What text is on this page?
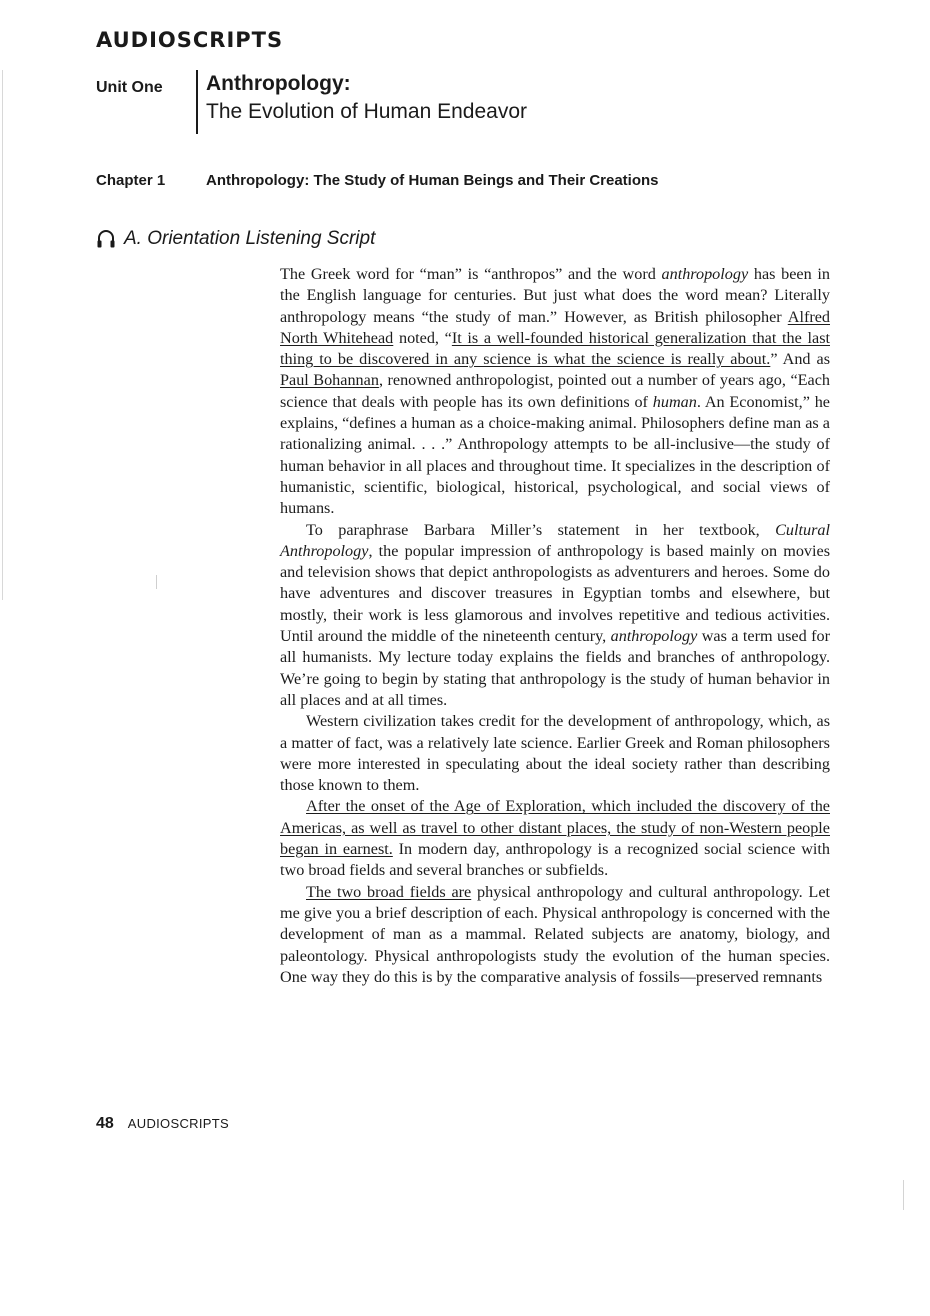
AUDIOSCRIPTS
Unit One Anthropology:
The Evolution of Human Endeavor
Chapter 1	Anthropology: The Study of Human Beings and Their Creations
A. Orientation Listening Script

The Greek word for “man” is “anthropos” and the word anthropology has been in the English language for centuries. But just what does the word mean? Literally anthropology means “the study of man.” However, as British philosopher Alfred North Whitehead noted, “It is a well-founded historical generalization that the last thing to be discovered in any science is what the science is really about.” And as Paul Bohannan, renowned anthropologist, pointed out a number of years ago, “Each science that deals with people has its own definitions of human. An Economist,” he explains, “defines a human as a choice-making animal. Philosophers define man as a rationalizing animal. . . .” Anthropology attempts to be all-inclusive—the study of human behavior in all places and throughout time. It specializes in the description of humanistic, scientific, biological, historical, psychological, and social views of humans.

To paraphrase Barbara Miller’s statement in her textbook, Cultural Anthropology, the popular impression of anthropology is based mainly on movies and television shows that depict anthropologists as adventurers and heroes. Some do have adventures and discover treasures in Egyptian tombs and elsewhere, but mostly, their work is less glamorous and involves repetitive and tedious activities. Until around the middle of the nineteenth century, anthropology was a term used for all humanists. My lecture today explains the fields and branches of anthropology. We’re going to begin by stating that anthropology is the study of human behavior in all places and at all times.

Western civilization takes credit for the development of anthropology, which, as a matter of fact, was a relatively late science. Earlier Greek and Roman philosophers were more interested in speculating about the ideal society rather than describing those known to them.

After the onset of the Age of Exploration, which included the discovery of the Americas, as well as travel to other distant places, the study of non-Western people began in earnest. In modern day, anthropology is a recognized social science with two broad fields and several branches or subfields.

The two broad fields are physical anthropology and cultural anthropology. Let me give you a brief description of each. Physical anthropology is concerned with the development of man as a mammal. Related subjects are anatomy, biology, and paleontology. Physical anthropologists study the evolution of the human species. One way they do this is by the comparative analysis of fossils—preserved remnants

48 AUDIOSCRIPTS
